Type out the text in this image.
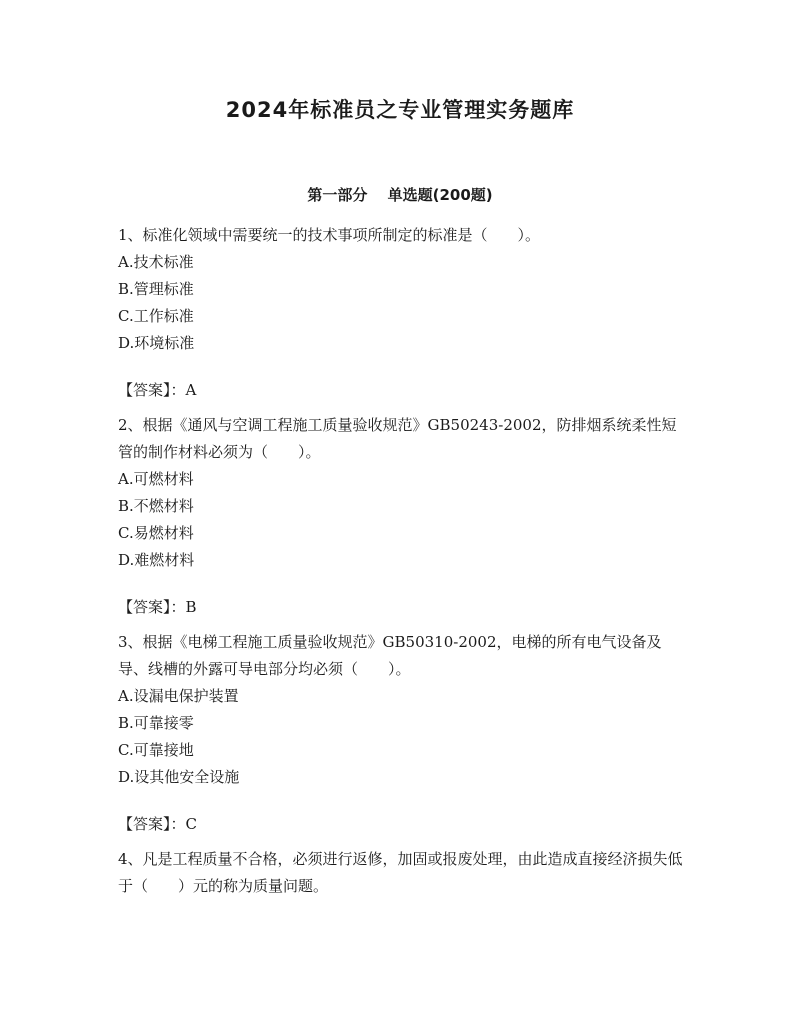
2024年标准员之专业管理实务题库
第一部分　 单选题(200题)

1、标准化领域中需要统一的技术事项所制定的标准是（　　）。

A.技术标准

B.管理标准

C.工作标准

D.环境标准

【答案】：A

2、根据《通风与空调工程施工质量验收规范》GB50243-2002，防排烟系统柔性短管的制作材料必须为（　　）。

A.可燃材料

B.不燃材料

C.易燃材料

D.难燃材料

【答案】：B

3、根据《电梯工程施工质量验收规范》GB50310-2002，电梯的所有电气设备及导、线槽的外露可导电部分均必须（　　）。

A.设漏电保护装置

B.可靠接零

C.可靠接地

D.设其他安全设施

【答案】：C

4、凡是工程质量不合格，必须进行返修，加固或报废处理，由此造成直接经济损失低于（　　）元的称为质量问题。
